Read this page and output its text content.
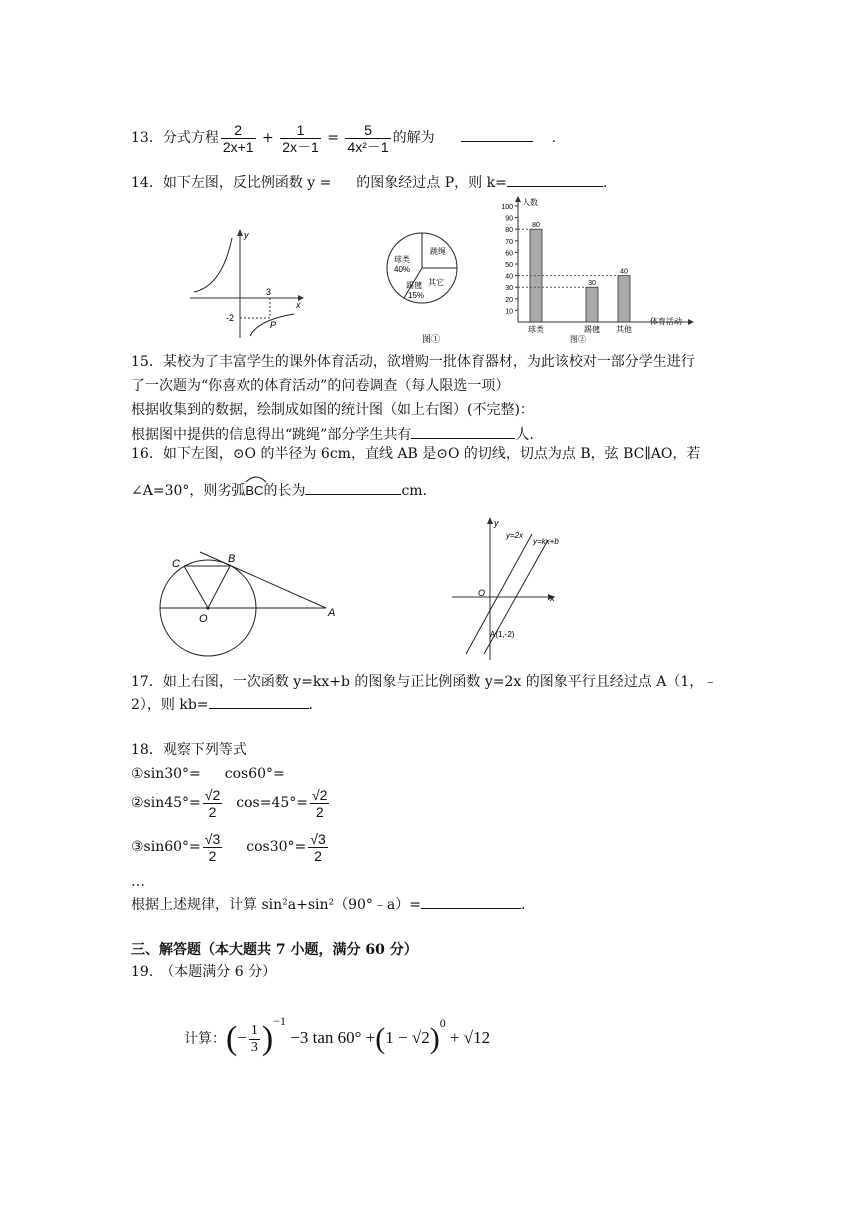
13．分式方程 $\frac{2}{2x+1} + \frac{1}{2x-1} = \frac{5}{\text{4x²－1}}$ 的解为	.
14．如下左图，反比例函数 y = 的图象经过点 P，则 k=	.
y
x
3
-2
P
球类
40%
跳绳
其它
踢毽
15%
图①
人数
体育活动
10
20
30
40
50
60
70
80
90
100
80
球类
30
踢毽
40
其他
图②
15．某校为了丰富学生的课外体育活动，欲增购一批体育器材，为此该校对一部分学生进行
了一次题为“你喜欢的体育活动”的问卷调查（每人限选一项）
根据收集到的数据，绘制成如图的统计图（如上右图）(不完整)：
根据图中提供的信息得出“跳绳”部分学生共有	人.
16．如下左图，⊙O 的半径为 6cm，直线 AB 是⊙O 的切线，切点为点 B，弦 BC∥AO，若
∠A=30°，则劣弧BC
的长为	cm.
C	B
O	A
y
x
O
y=2x
y=kx+b
A(1,-2)
17．如上右图，一次函数 y=kx+b 的图象与正比例函数 y=2x 的图象平行且经过点 A（1，﹣
2），则 kb=	.
18．观察下列等式
①sin30°= cos60°=
②sin45°= $\frac{√2}{2} \cos=45^\circ= \frac{√2}{2}$
③sin60°= $\frac{√3}{2} \cos 30^\circ= \frac{√3}{2}$
…
根据上述规律，计算 sin²a+sin²（90°﹣a）=	.
三、解答题（本大题共 7 小题，满分 60 分）
19.　（本题满分 6 分）
计算：(− $\frac{1}{3} )^{-1} -3$ $\tan 60^\circ +(1 - √2)^0 + √12$
